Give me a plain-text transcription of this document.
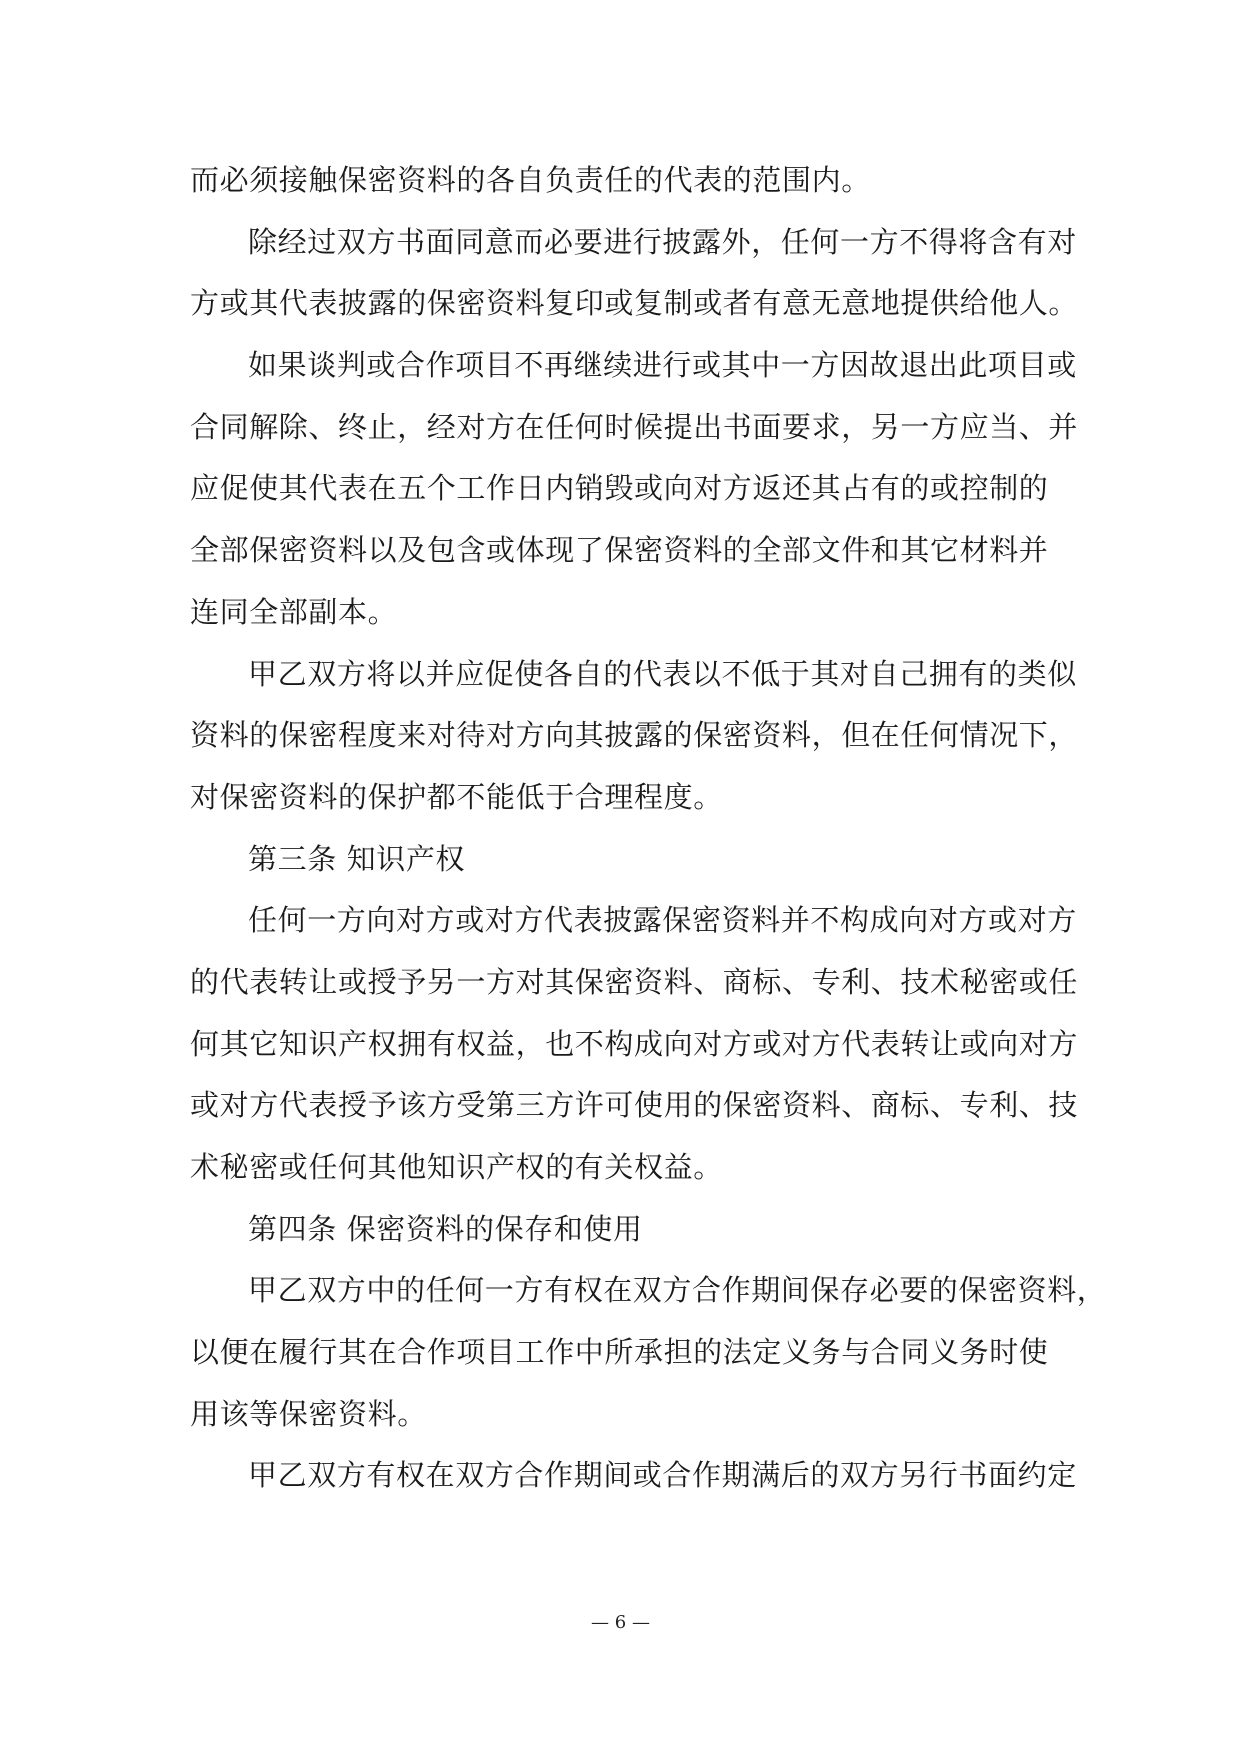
而必须接触保密资料的各自负责任的代表的范围内。
除经过双方书面同意而必要进行披露外，任何一方不得将含有对
方或其代表披露的保密资料复印或复制或者有意无意地提供给他人。
如果谈判或合作项目不再继续进行或其中一方因故退出此项目或
合同解除、终止，经对方在任何时候提出书面要求，另一方应当、并
应促使其代表在五个工作日内销毁或向对方返还其占有的或控制的
全部保密资料以及包含或体现了保密资料的全部文件和其它材料并
连同全部副本。
甲乙双方将以并应促使各自的代表以不低于其对自己拥有的类似
资料的保密程度来对待对方向其披露的保密资料，但在任何情况下，
对保密资料的保护都不能低于合理程度。
第三条 知识产权
任何一方向对方或对方代表披露保密资料并不构成向对方或对方
的代表转让或授予另一方对其保密资料、商标、专利、技术秘密或任
何其它知识产权拥有权益，也不构成向对方或对方代表转让或向对方
或对方代表授予该方受第三方许可使用的保密资料、商标、专利、技
术秘密或任何其他知识产权的有关权益。
第四条 保密资料的保存和使用
甲乙双方中的任何一方有权在双方合作期间保存必要的保密资料，
以便在履行其在合作项目工作中所承担的法定义务与合同义务时使
用该等保密资料。
甲乙双方有权在双方合作期间或合作期满后的双方另行书面约定
— 6 —
